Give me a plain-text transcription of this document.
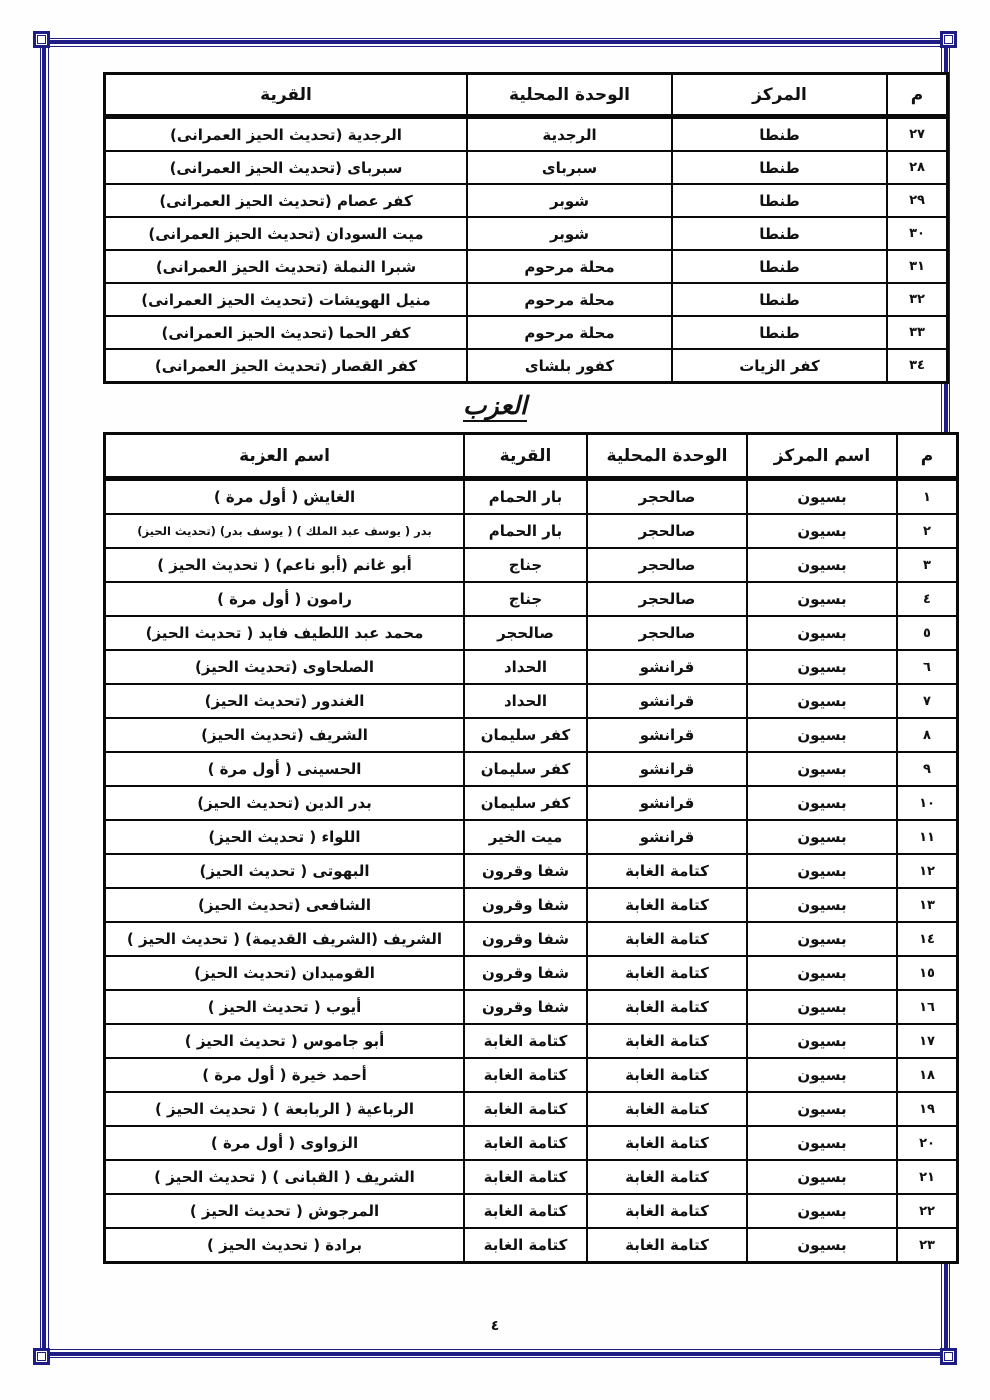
م	المركز	الوحدة المحلية	القرية
٢٧	طنطا	الرجدية	الرجدية (تحديث الحيز العمرانى)
٢٨	طنطا	سبرباى	سبرباى (تحديث الحيز العمرانى)
٢٩	طنطا	شوبر	كفر عصام (تحديث الحيز العمرانى)
٣٠	طنطا	شوبر	ميت السودان (تحديث الحيز العمرانى)
٣١	طنطا	محلة مرحوم	شبرا النملة (تحديث الحيز العمرانى)
٣٢	طنطا	محلة مرحوم	منيل الهويشات (تحديث الحيز العمرانى)
٣٣	طنطا	محلة مرحوم	كفر الحما (تحديث الحيز العمرانى)
٣٤	كفر الزيات	كفور بلشاى	كفر القصار (تحديث الحيز العمرانى)
العزب
م	اسم المركز	الوحدة المحلية	القرية	اسم العزبة
١	بسيون	صالحجر	بار الحمام	الغايش ( أول مرة )
٢	بسيون	صالحجر	بار الحمام	بدر ( يوسف عبد الملك ) ( يوسف بدر) (تحديث الحيز)
٣	بسيون	صالحجر	جناج	أبو غانم (أبو ناعم) ( تحديث الحيز )
٤	بسيون	صالحجر	جناج	رامون ( أول مرة )
٥	بسيون	صالحجر	صالحجر	محمد عبد اللطيف فايد ( تحديث الحيز)
٦	بسيون	قرانشو	الحداد	الصلحاوى (تحديث الحيز)
٧	بسيون	قرانشو	الحداد	الغندور (تحديث الحيز)
٨	بسيون	قرانشو	كفر سليمان	الشريف (تحديث الحيز)
٩	بسيون	قرانشو	كفر سليمان	الحسينى ( أول مرة )
١٠	بسيون	قرانشو	كفر سليمان	بدر الدين (تحديث الحيز)
١١	بسيون	قرانشو	ميت الخير	اللواء ( تحديث الحيز)
١٢	بسيون	كتامة الغابة	شفا وقرون	البهوتى ( تحديث الحيز)
١٣	بسيون	كتامة الغابة	شفا وقرون	الشافعى (تحديث الحيز)
١٤	بسيون	كتامة الغابة	شفا وقرون	الشريف (الشريف القديمة) ( تحديث الحيز )
١٥	بسيون	كتامة الغابة	شفا وقرون	القوميدان (تحديث الحيز)
١٦	بسيون	كتامة الغابة	شفا وقرون	أيوب ( تحديث الحيز )
١٧	بسيون	كتامة الغابة	كتامة الغابة	أبو جاموس ( تحديث الحيز )
١٨	بسيون	كتامة الغابة	كتامة الغابة	أحمد خيرة ( أول مرة )
١٩	بسيون	كتامة الغابة	كتامة الغابة	الرباعية ( الربابعة ) ( تحديث الحيز )
٢٠	بسيون	كتامة الغابة	كتامة الغابة	الزواوى ( أول مرة )
٢١	بسيون	كتامة الغابة	كتامة الغابة	الشريف ( القبانى ) ( تحديث الحيز )
٢٢	بسيون	كتامة الغابة	كتامة الغابة	المرجوش ( تحديث الحيز )
٢٣	بسيون	كتامة الغابة	كتامة الغابة	برادة ( تحديث الحيز )
٤
